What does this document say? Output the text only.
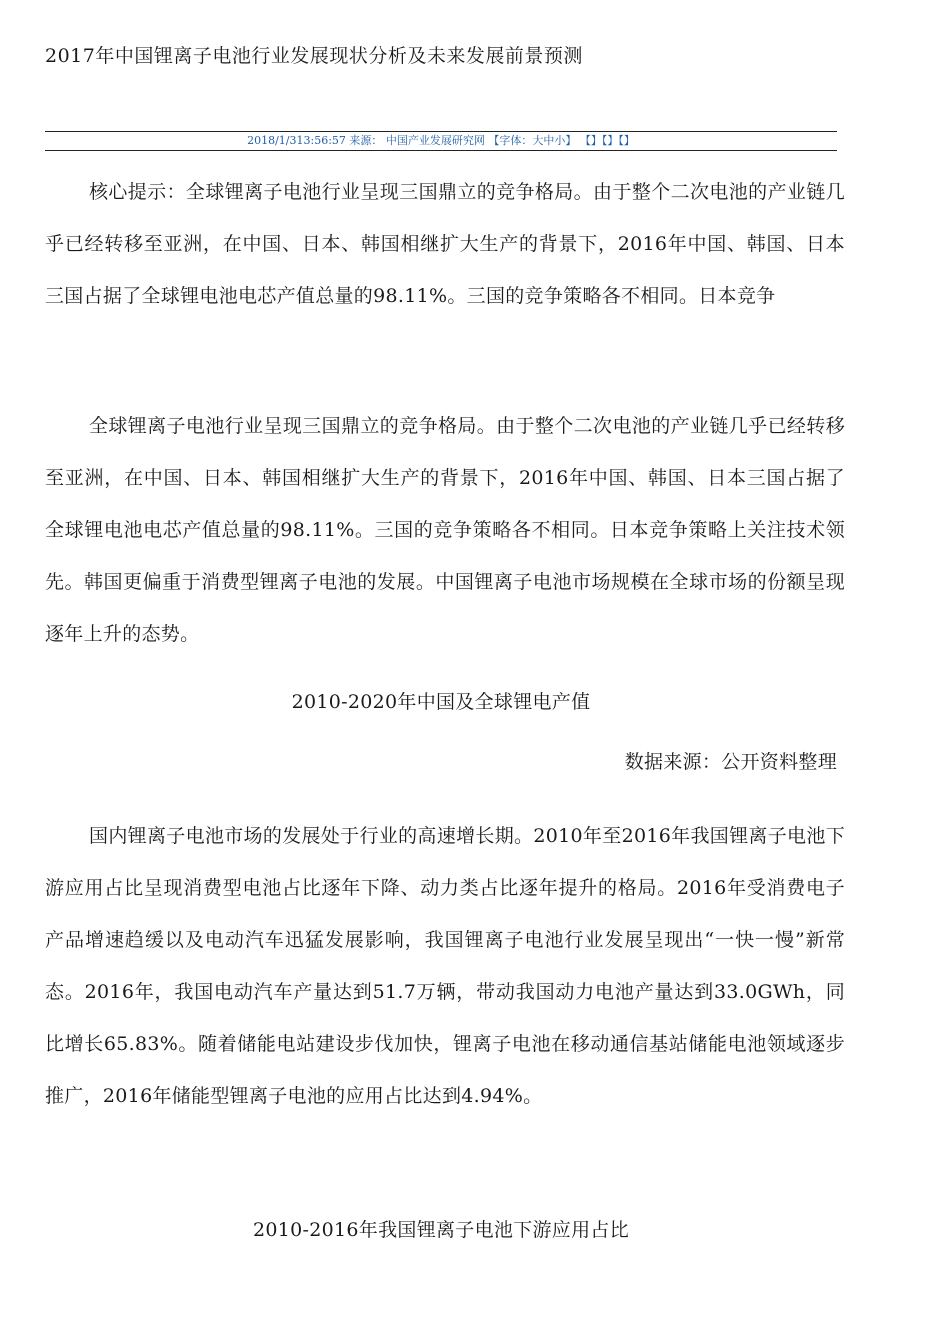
2017年中国锂离子电池行业发展现状分析及未来发展前景预测
2018/1/313:56:57 来源： 中国产业发展研究网 【字体：大中小】 【】【】【】
核心提示：全球锂离子电池行业呈现三国鼎立的竞争格局。由于整个二次电池的产业链几乎已经转移至亚洲，在中国、日本、韩国相继扩大生产的背景下，2016年中国、韩国、日本三国占据了全球锂电池电芯产值总量的98.11%。三国的竞争策略各不相同。日本竞争
全球锂离子电池行业呈现三国鼎立的竞争格局。由于整个二次电池的产业链几乎已经转移至亚洲，在中国、日本、韩国相继扩大生产的背景下，2016年中国、韩国、日本三国占据了全球锂电池电芯产值总量的98.11%。三国的竞争策略各不相同。日本竞争策略上关注技术领先。韩国更偏重于消费型锂离子电池的发展。中国锂离子电池市场规模在全球市场的份额呈现逐年上升的态势。
2010-2020年中国及全球锂电产值
数据来源：公开资料整理
国内锂离子电池市场的发展处于行业的高速增长期。2010年至2016年我国锂离子电池下游应用占比呈现消费型电池占比逐年下降、动力类占比逐年提升的格局。2016年受消费电子产品增速趋缓以及电动汽车迅猛发展影响，我国锂离子电池行业发展呈现出“一快一慢”新常态。2016年，我国电动汽车产量达到51.7万辆，带动我国动力电池产量达到33.0GWh，同比增长65.83%。随着储能电站建设步伐加快，锂离子电池在移动通信基站储能电池领域逐步推广，2016年储能型锂离子电池的应用占比达到4.94%。
2010-2016年我国锂离子电池下游应用占比
